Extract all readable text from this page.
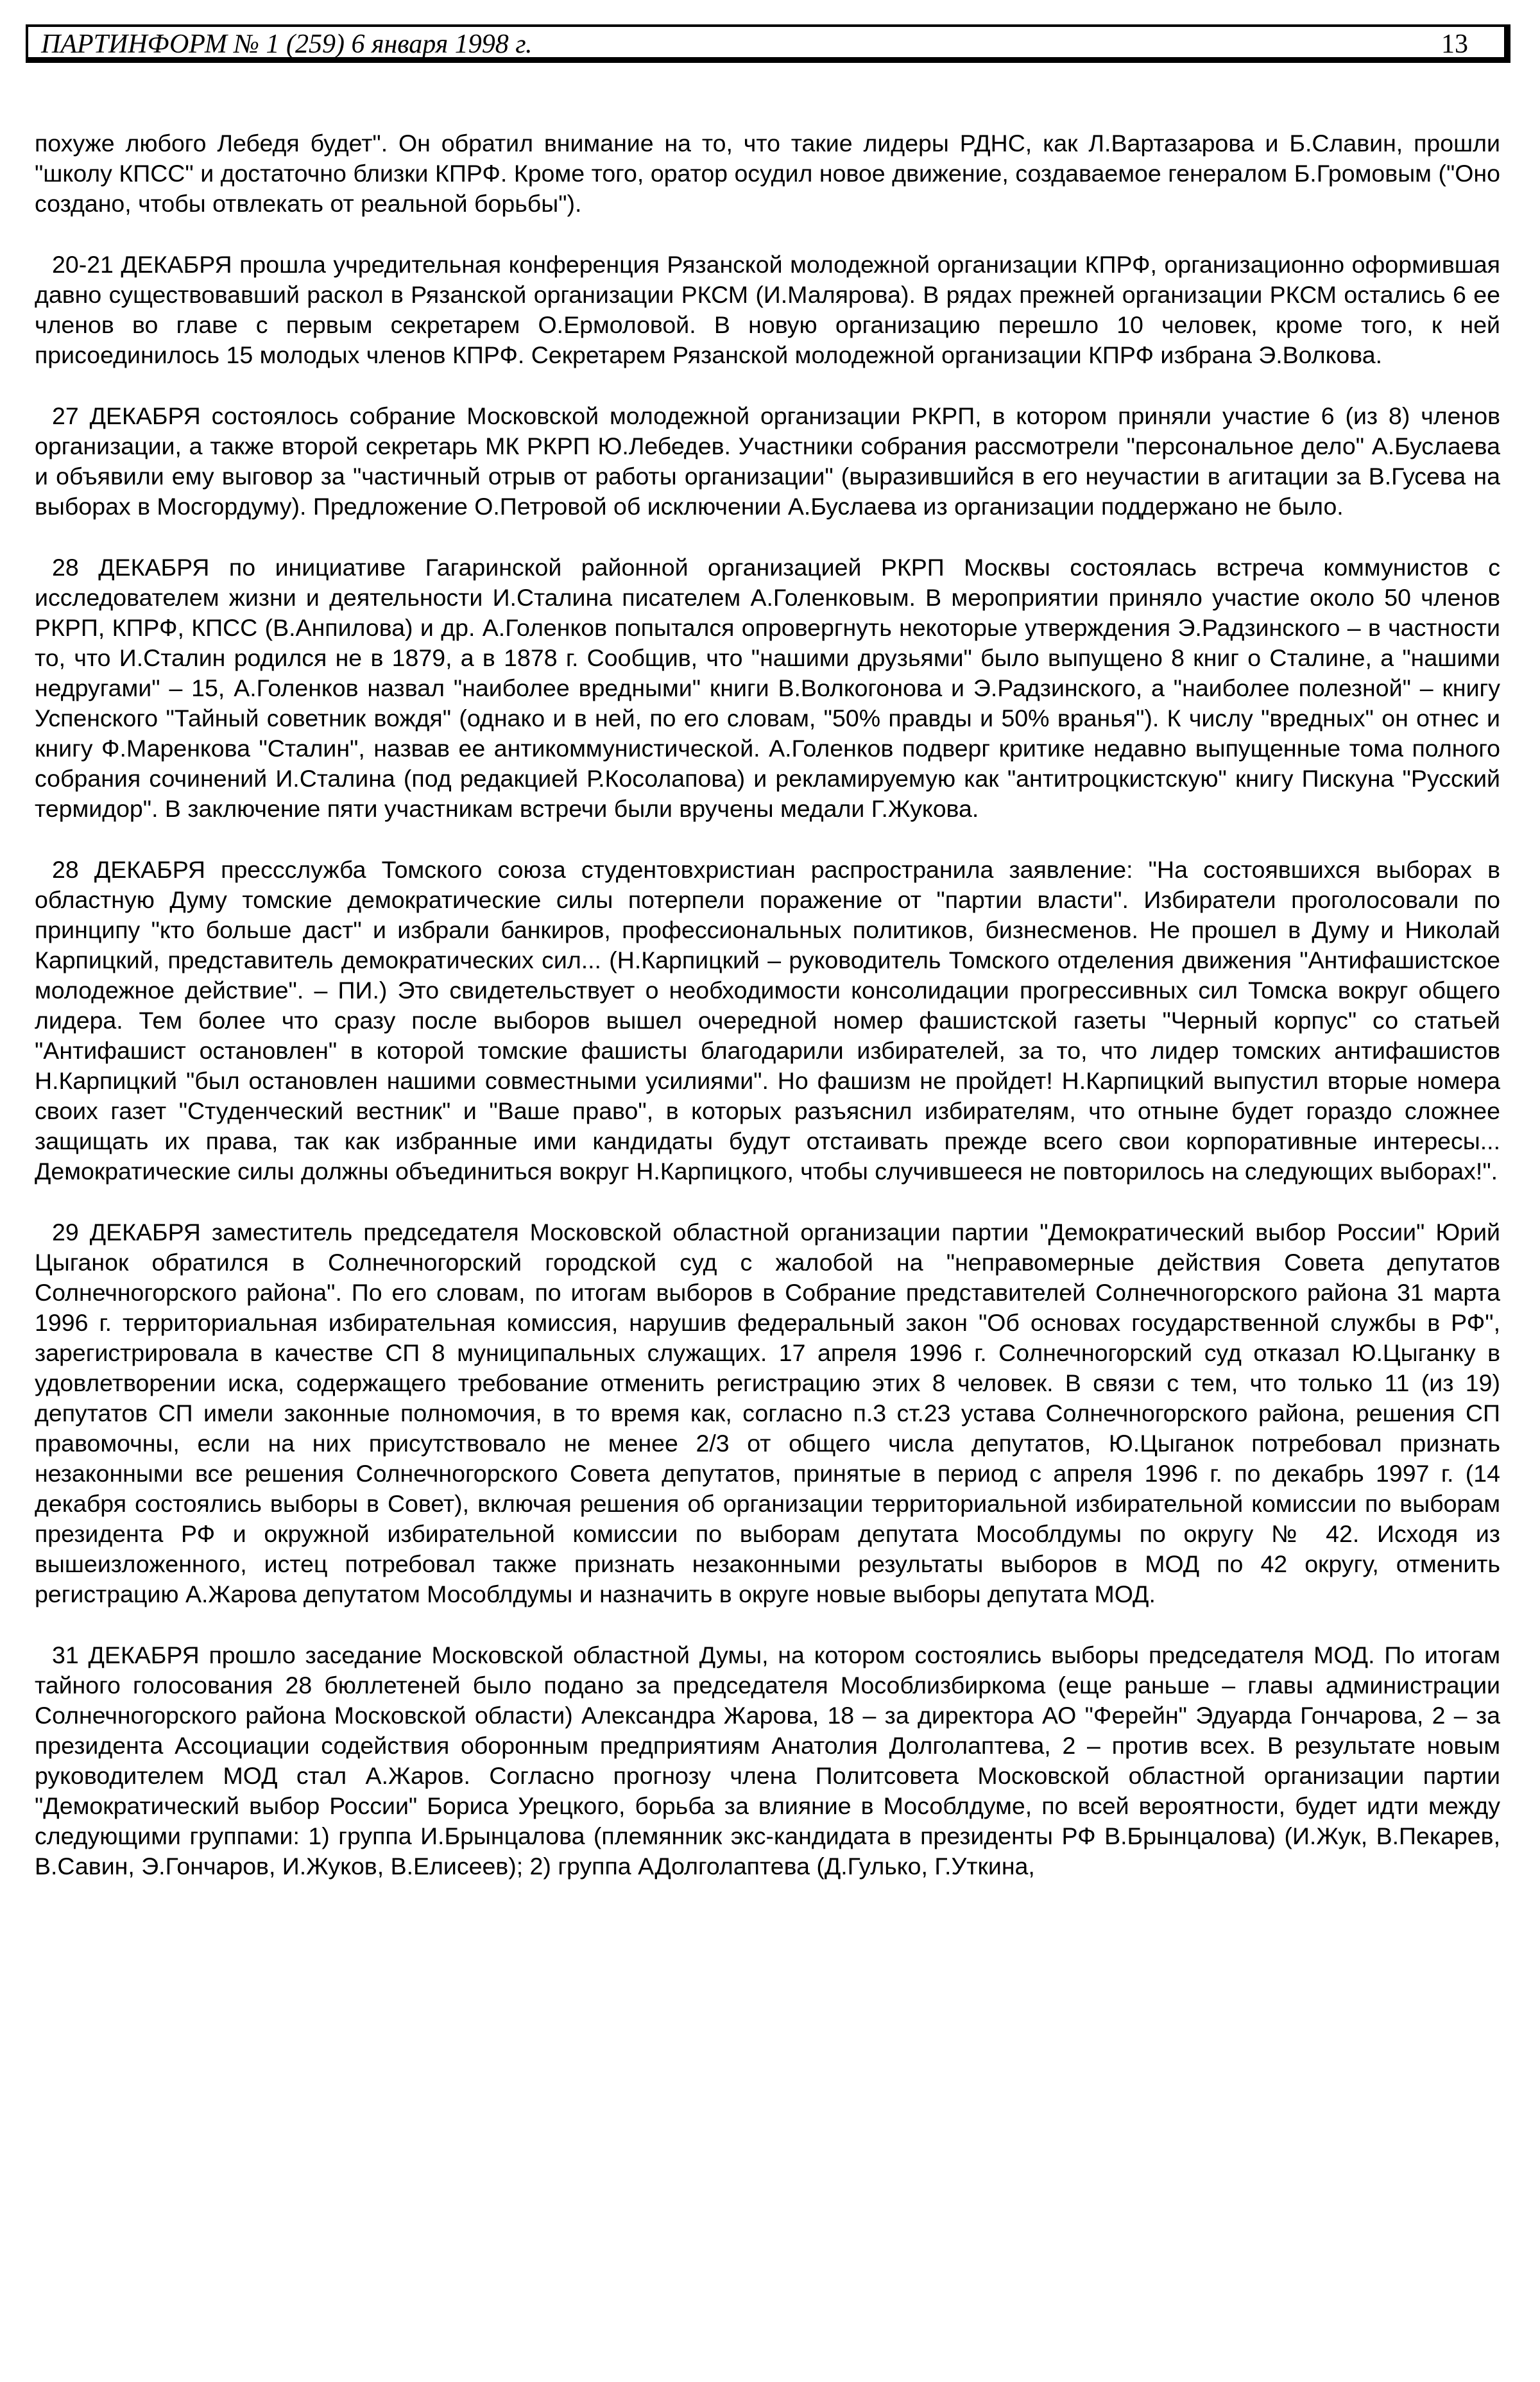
ПАРТИНФОРМ № 1 (259) 6 января 1998 г.	13

похуже любого Лебедя будет". Он обратил внимание на то, что такие лидеры РДНС, как Л.Вартазарова и Б.Славин, прошли "школу КПСС" и достаточно близки КПРФ. Кроме того, оратор осудил новое движение, создаваемое генералом Б.Громовым ("Оно создано, чтобы отвлекать от реальной борьбы").

20-21 ДЕКАБРЯ прошла учредительная конференция Рязанской молодежной организации КПРФ, организационно оформившая давно существовавший раскол в Рязанской организации РКСМ (И.Малярова). В рядах прежней организации РКСМ остались 6 ее членов во главе с первым секретарем О.Ермоловой. В новую организацию перешло 10 человек, кроме того, к ней присоединилось 15 молодых членов КПРФ. Секретарем Рязанской молодежной организации КПРФ избрана Э.Волкова.

27 ДЕКАБРЯ состоялось собрание Московской молодежной организации РКРП, в котором приняли участие 6 (из 8) членов организации, а также второй секретарь МК РКРП Ю.Лебедев. Участники собрания рассмотрели "персональное дело" А.Буслаева и объявили ему выговор за "частичный отрыв от работы организации" (выразившийся в его неучастии в агитации за В.Гусева на выборах в Мосгордуму). Предложение О.Петровой об исключении А.Буслаева из организации поддержано не было.

28 ДЕКАБРЯ по инициативе Гагаринской районной организацией РКРП Москвы состоялась встреча коммунистов с исследователем жизни и деятельности И.Сталина писателем А.Голенковым. В мероприятии приняло участие около 50 членов РКРП, КПРФ, КПСС (В.Анпилова) и др. А.Голенков попытался опровергнуть некоторые утверждения Э.Радзинского – в частности то, что И.Сталин родился не в 1879, а в 1878 г. Сообщив, что "нашими друзьями" было выпущено 8 книг о Сталине, а "нашими недругами" – 15, А.Голенков назвал "наиболее вредными" книги В.Волкогонова и Э.Радзинского, а "наиболее полезной" – книгу Успенского "Тайный советник вождя" (однако и в ней, по его словам, "50% правды и 50% вранья"). К числу "вредных" он отнес и книгу Ф.Маренкова "Сталин", назвав ее антикоммунистической. А.Голенков подверг критике недавно выпущенные тома полного собрания сочинений И.Сталина (под редакцией Р.Косолапова) и рекламируемую как "антитроцкистскую" книгу Пискуна "Русский термидор". В заключение пяти участникам встречи были вручены медали Г.Жукова.

28 ДЕКАБРЯ прессслужба Томского союза студентовхристиан распространила заявление: "На состоявшихся выборах в областную Думу томские демократические силы потерпели поражение от "партии власти". Избиратели проголосовали по принципу "кто больше даст" и избрали банкиров, профессиональных политиков, бизнесменов. Не прошел в Думу и Николай Карпицкий, представитель демократических сил... (Н.Карпицкий – руководитель Томского отделения движения "Антифашистское молодежное действие". – ПИ.) Это свидетельствует о необходимости консолидации прогрессивных сил Томска вокруг общего лидера. Тем более что сразу после выборов вышел очередной номер фашистской газеты "Черный корпус" со статьей "Антифашист остановлен" в которой томские фашисты благодарили избирателей, за то, что лидер томских антифашистов Н.Карпицкий "был остановлен нашими совместными усилиями". Но фашизм не пройдет! Н.Карпицкий выпустил вторые номера своих газет "Студенческий вестник" и "Ваше право", в которых разъяснил избирателям, что отныне будет гораздо сложнее защищать их права, так как избранные ими кандидаты будут отстаивать прежде всего свои корпоративные интересы... Демократические силы должны объединиться вокруг Н.Карпицкого, чтобы случившееся не повторилось на следующих выборах!".

29 ДЕКАБРЯ заместитель председателя Московской областной организации партии "Демократический выбор России" Юрий Цыганок обратился в Солнечногорский городской суд с жалобой на "неправомерные действия Совета депутатов Солнечногорского района". По его словам, по итогам выборов в Собрание представителей Солнечногорского района 31 марта 1996 г. территориальная избирательная комиссия, нарушив федеральный закон "Об основах государственной службы в РФ", зарегистрировала в качестве СП 8 муниципальных служащих. 17 апреля 1996 г. Солнечногорский суд отказал Ю.Цыганку в удовлетворении иска, содержащего требование отменить регистрацию этих 8 человек. В связи с тем, что только 11 (из 19) депутатов СП имели законные полномочия, в то время как, согласно п.3 ст.23 устава Солнечногорского района, решения СП правомочны, если на них присутствовало не менее 2/3 от общего числа депутатов, Ю.Цыганок потребовал признать незаконными все решения Солнечногорского Совета депутатов, принятые в период с апреля 1996 г. по декабрь 1997 г. (14 декабря состоялись выборы в Совет), включая решения об организации территориальной избирательной комиссии по выборам президента РФ и окружной избирательной комиссии по выборам депутата Мособлдумы по округу № 42. Исходя из вышеизложенного, истец потребовал также признать незаконными результаты выборов в МОД по 42 округу, отменить регистрацию А.Жарова депутатом Мособлдумы и назначить в округе новые выборы депутата МОД.

31 ДЕКАБРЯ прошло заседание Московской областной Думы, на котором состоялись выборы председателя МОД. По итогам тайного голосования 28 бюллетеней было подано за председателя Мособлизбиркома (еще раньше – главы администрации Солнечногорского района Московской области) Александра Жарова, 18 – за директора АО "Ферейн" Эдуарда Гончарова, 2 – за президента Ассоциации содействия оборонным предприятиям Анатолия Долголаптева, 2 – против всех. В результате новым руководителем МОД стал А.Жаров. Согласно прогнозу члена Политсовета Московской областной организации партии "Демократический выбор России" Бориса Урецкого, борьба за влияние в Мособлдуме, по всей вероятности, будет идти между следующими группами: 1) группа И.Брынцалова (племянник экс-кандидата в президенты РФ В.Брынцалова) (И.Жук, В.Пекарев, В.Савин, Э.Гончаров, И.Жуков, В.Елисеев); 2) группа АДолголаптева (Д.Гулько, Г.Уткина,
